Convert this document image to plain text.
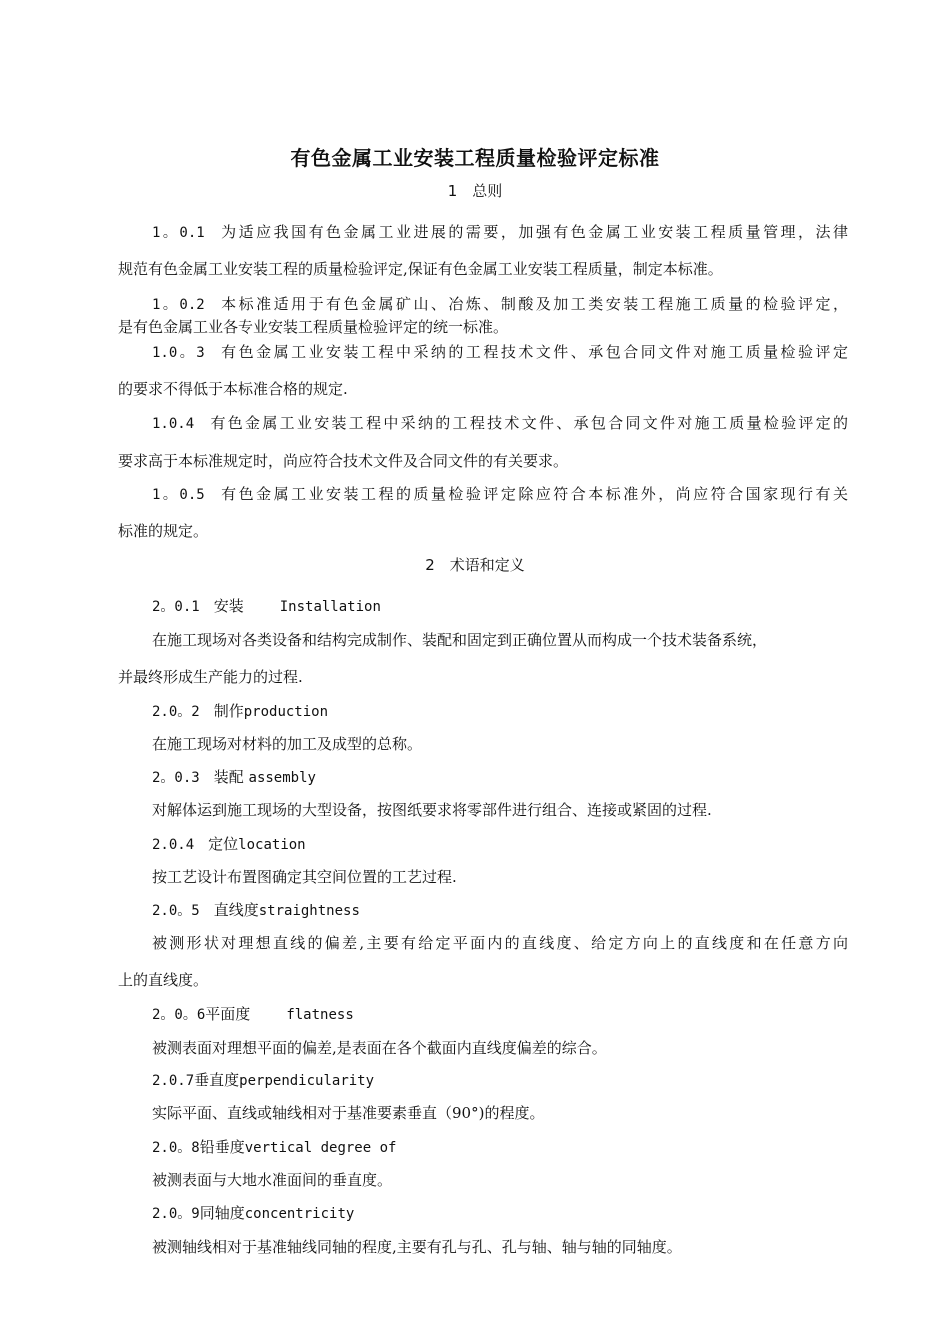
有色金属工业安装工程质量检验评定标准
1　总则
1。0.1 为适应我国有色金属工业进展的需要，加强有色金属工业安装工程质量管理，法律
规范有色金属工业安装工程的质量检验评定,保证有色金属工业安装工程质量，制定本标准。
1。0.2 本标准适用于有色金属矿山、冶炼、制酸及加工类安装工程施工质量的检验评定，
是有色金属工业各专业安装工程质量检验评定的统一标准。
1.0。3 有色金属工业安装工程中采纳的工程技术文件、承包合同文件对施工质量检验评定
的要求不得低于本标准合格的规定.
1.0.4 有色金属工业安装工程中采纳的工程技术文件、承包合同文件对施工质量检验评定的
要求高于本标准规定时，尚应符合技术文件及合同文件的有关要求。
1。0.5 有色金属工业安装工程的质量检验评定除应符合本标准外，尚应符合国家现行有关
标准的规定。
2　术语和定义
2。0.1 安装	Installation
在施工现场对各类设备和结构完成制作、装配和固定到正确位置从而构成一个技术装备系统，
并最终形成生产能力的过程.
2.0。2 制作production
在施工现场对材料的加工及成型的总称。
2。0.3 装配 assembly
对解体运到施工现场的大型设备，按图纸要求将零部件进行组合、连接或紧固的过程.
2.0.4 定位location
按工艺设计布置图确定其空间位置的工艺过程.
2.0。5 直线度straightness
被测形状对理想直线的偏差,主要有给定平面内的直线度、给定方向上的直线度和在任意方向
上的直线度。
2。0。6平面度	flatness
被测表面对理想平面的偏差,是表面在各个截面内直线度偏差的综合。
2.0.7垂直度perpendicularity
实际平面、直线或轴线相对于基准要素垂直（90°)的程度。
2.0。8铅垂度vertical degree of
被测表面与大地水准面间的垂直度。
2.0。9同轴度concentricity
被测轴线相对于基准轴线同轴的程度,主要有孔与孔、孔与轴、轴与轴的同轴度。
